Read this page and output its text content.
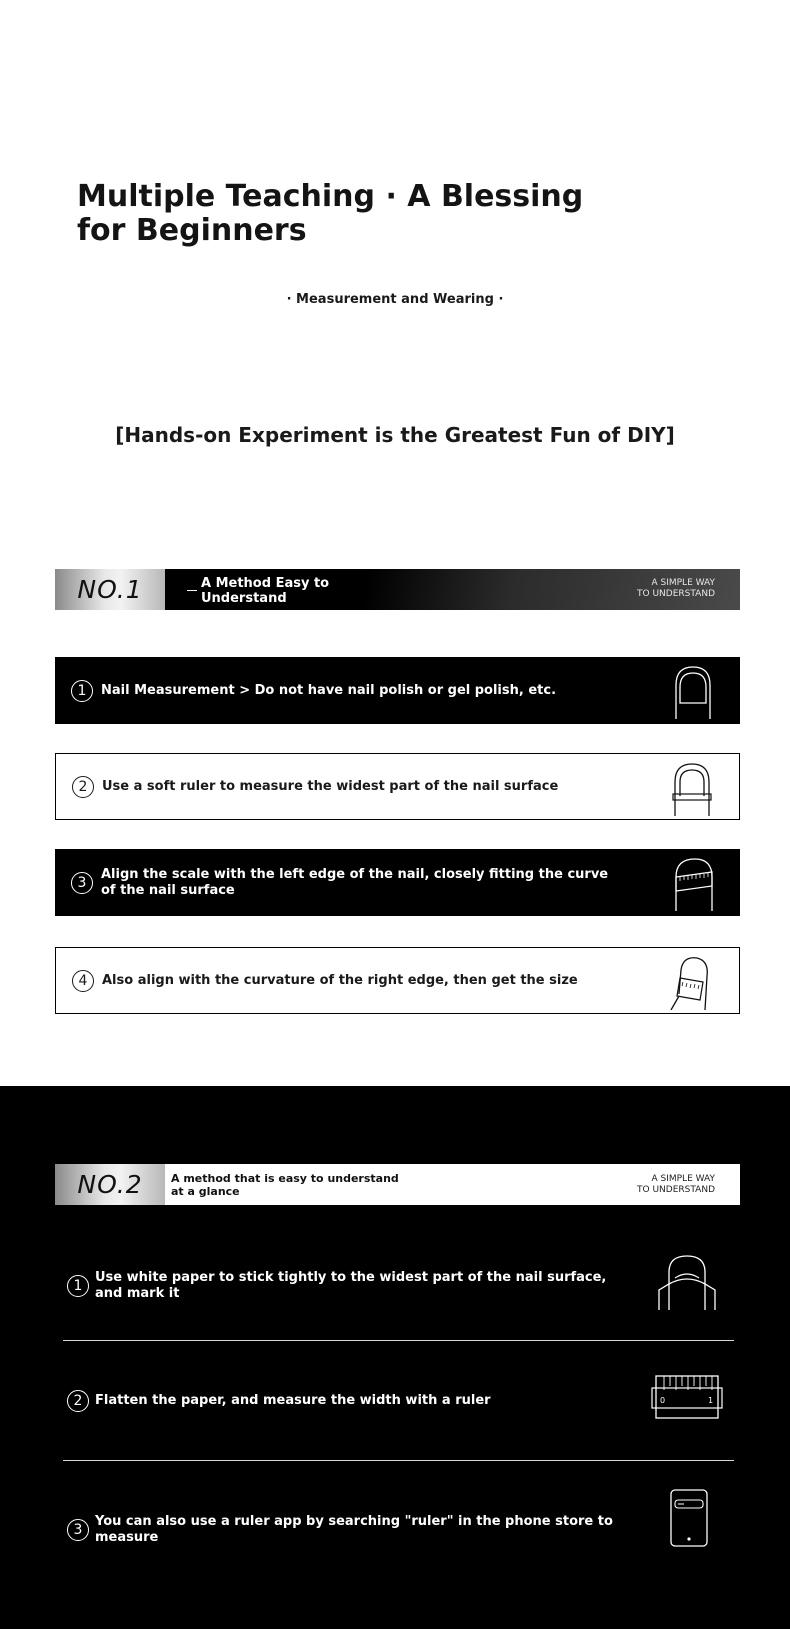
Multiple Teaching · A Blessing for Beginners
· Measurement and Wearing ·
[Hands-on Experiment is the Greatest Fun of DIY]
NO.1	A Method Easy to Understand
A SIMPLE WAY
TO UNDERSTAND
1	Nail Measurement > Do not have nail polish or gel polish, etc.
2	Use a soft ruler to measure the widest part of the nail surface
3
Align the scale with the left edge of the nail, closely fitting the curve of the nail surface
4	Also align with the curvature of the right edge, then get the size
NO.2	A method that is easy to understand at a glance
A SIMPLE WAY
TO UNDERSTAND
1
Use white paper to stick tightly to the widest part of the nail surface, and mark it
2 Flatten the paper, and measure the width with a ruler	0	1
3
You can also use a ruler app by searching "ruler" in the phone store to measure
